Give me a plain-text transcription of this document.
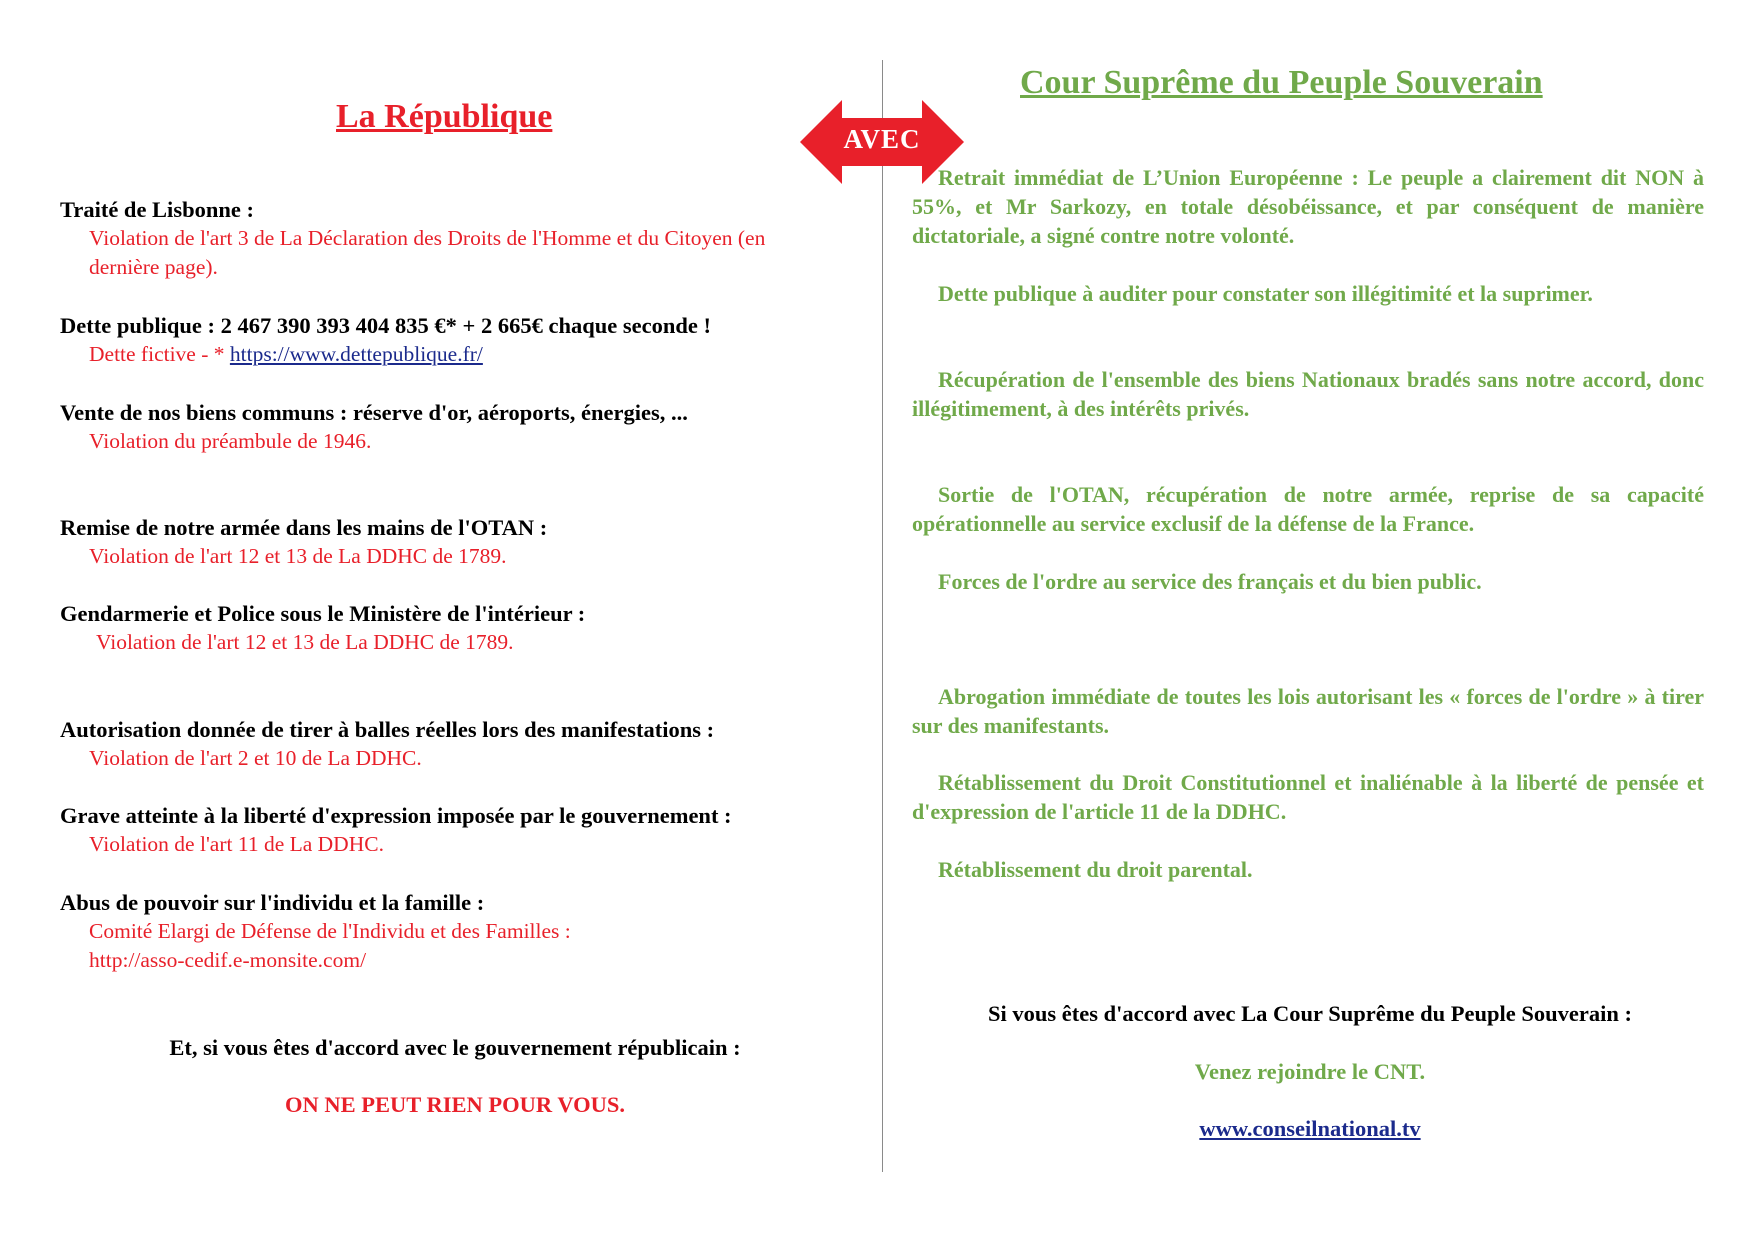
La République
Cour Suprême du Peuple Souverain
AVEC
Traité de Lisbonne :
Violation de l'art 3 de La Déclaration des Droits de l'Homme et du Citoyen (en dernière page).
Dette publique : 2 467 390 393 404 835 €* + 2 665€ chaque seconde !
Dette fictive - * https://www.dettepublique.fr/
Vente de nos biens communs : réserve d'or, aéroports, énergies, ...
Violation du préambule de 1946.
Remise de notre armée dans les mains de l'OTAN :
Violation de l'art 12 et 13 de La DDHC de 1789.
Gendarmerie et Police sous le Ministère de l'intérieur :
Violation de l'art 12 et 13 de La DDHC de 1789.
Autorisation donnée de tirer à balles réelles lors des manifestations :
Violation de l'art 2 et 10 de La DDHC.
Grave atteinte à la liberté d'expression imposée par le gouvernement :
Violation de l'art 11 de La DDHC.
Abus de pouvoir sur l'individu et la famille :
Comité Elargi de Défense de l'Individu et des Familles :
http://asso-cedif.e-monsite.com/
Et, si vous êtes d'accord avec le gouvernement républicain :
ON NE PEUT RIEN POUR VOUS.
Retrait immédiat de L’Union Européenne : Le peuple a clairement dit NON à 55%, et Mr Sarkozy, en totale désobéissance, et par conséquent de manière dictatoriale, a signé contre notre volonté.
Dette publique à auditer pour constater son illégitimité et la suprimer.
Récupération de l'ensemble des biens Nationaux bradés sans notre accord, donc illégitimement, à des intérêts privés.
Sortie de l'OTAN, récupération de notre armée, reprise de sa capacité opérationnelle au service exclusif de la défense de la France.
Forces de l'ordre au service des français et du bien public.
Abrogation immédiate de toutes les lois autorisant les « forces de l'ordre » à tirer sur des manifestants.
Rétablissement du Droit Constitutionnel et inaliénable à la liberté de pensée et d'expression de l'article 11 de la DDHC.
Rétablissement du droit parental.
Si vous êtes d'accord avec La Cour Suprême du Peuple Souverain :
Venez rejoindre le CNT.
www.conseilnational.tv
